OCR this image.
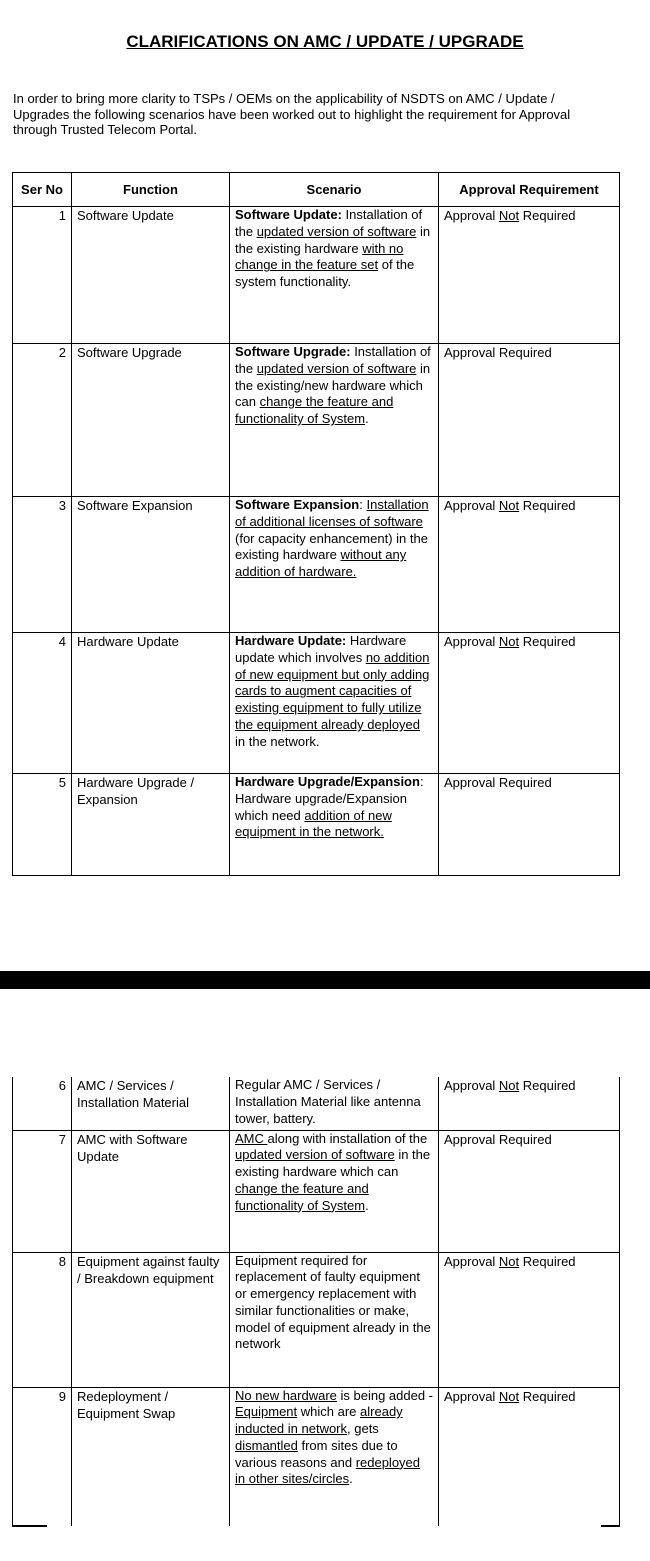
CLARIFICATIONS ON AMC / UPDATE / UPGRADE
In order to bring more clarity to TSPs / OEMs on the applicability of NSDTS on AMC / Update / Upgrades the following scenarios have been worked out to highlight the requirement for Approval through Trusted Telecom Portal.
Ser No	Function	Scenario	Approval Requirement
1	Software Update	Software Update: Installation of the updated version of software in the existing hardware with no change in the feature set of the system functionality.	Approval Not Required
2	Software Upgrade	Software Upgrade: Installation of the updated version of software in the existing/new hardware which can change the feature and functionality of System.	Approval Required
3	Software Expansion	Software Expansion: Installation of additional licenses of software (for capacity enhancement) in the existing hardware without any addition of hardware.	Approval Not Required
4	Hardware Update	Hardware Update: Hardware update which involves no addition of new equipment but only adding cards to augment capacities of existing equipment to fully utilize the equipment already deployed in the network.	Approval Not Required
5	Hardware Upgrade / Expansion	Hardware Upgrade/Expansion: Hardware upgrade/Expansion which need addition of new equipment in the network.	Approval Required
6	AMC / Services / Installation Material	Regular AMC / Services / Installation Material like antenna tower, battery.	Approval Not Required
7	AMC with Software Update	AMC along with installation of the updated version of software in the existing hardware which can change the feature and functionality of System.	Approval Required
8	Equipment against faulty / Breakdown equipment	Equipment required for replacement of faulty equipment or emergency replacement with similar functionalities or make, model of equipment already in the network	Approval Not Required
9	Redeployment / Equipment Swap	No new hardware is being added - Equipment which are already inducted in network, gets dismantled from sites due to various reasons and redeployed in other sites/circles.	Approval Not Required
